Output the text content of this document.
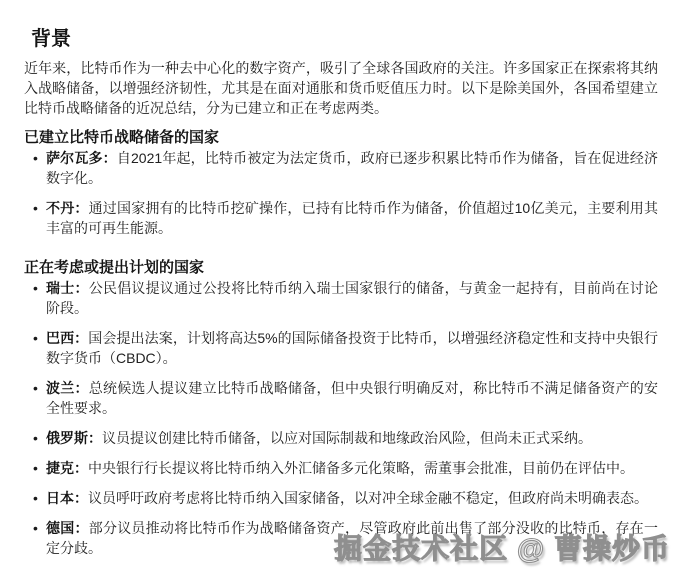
背景

近年来，比特币作为一种去中心化的数字资产，吸引了全球各国政府的关注。许多国家正在探索将其纳入战略储备，以增强经济韧性，尤其是在面对通胀和货币贬值压力时。以下是除美国外，各国希望建立比特币战略储备的近况总结，分为已建立和正在考虑两类。

已建立比特币战略储备的国家
• 萨尔瓦多：自2021年起，比特币被定为法定货币，政府已逐步积累比特币作为储备，旨在促进经济数字化。
• 不丹：通过国家拥有的比特币挖矿操作，已持有比特币作为储备，价值超过10亿美元，主要利用其丰富的可再生能源。
正在考虑或提出计划的国家
• 瑞士：公民倡议提议通过公投将比特币纳入瑞士国家银行的储备，与黄金一起持有，目前尚在讨论阶段。
• 巴西：国会提出法案，计划将高达5%的国际储备投资于比特币，以增强经济稳定性和支持中央银行数字货币（CBDC）。
• 波兰：总统候选人提议建立比特币战略储备，但中央银行明确反对，称比特币不满足储备资产的安全性要求。
• 俄罗斯：议员提议创建比特币储备，以应对国际制裁和地缘政治风险，但尚未正式采纳。
• 捷克：中央银行行长提议将比特币纳入外汇储备多元化策略，需董事会批准，目前仍在评估中。
• 日本：议员呼吁政府考虑将比特币纳入国家储备，以对冲全球金融不稳定，但政府尚未明确表态。
• 德国：部分议员推动将比特币作为战略储备资产，尽管政府此前出售了部分没收的比特币，存在一定分歧。	掘金技术社区 @ 曹操炒币
